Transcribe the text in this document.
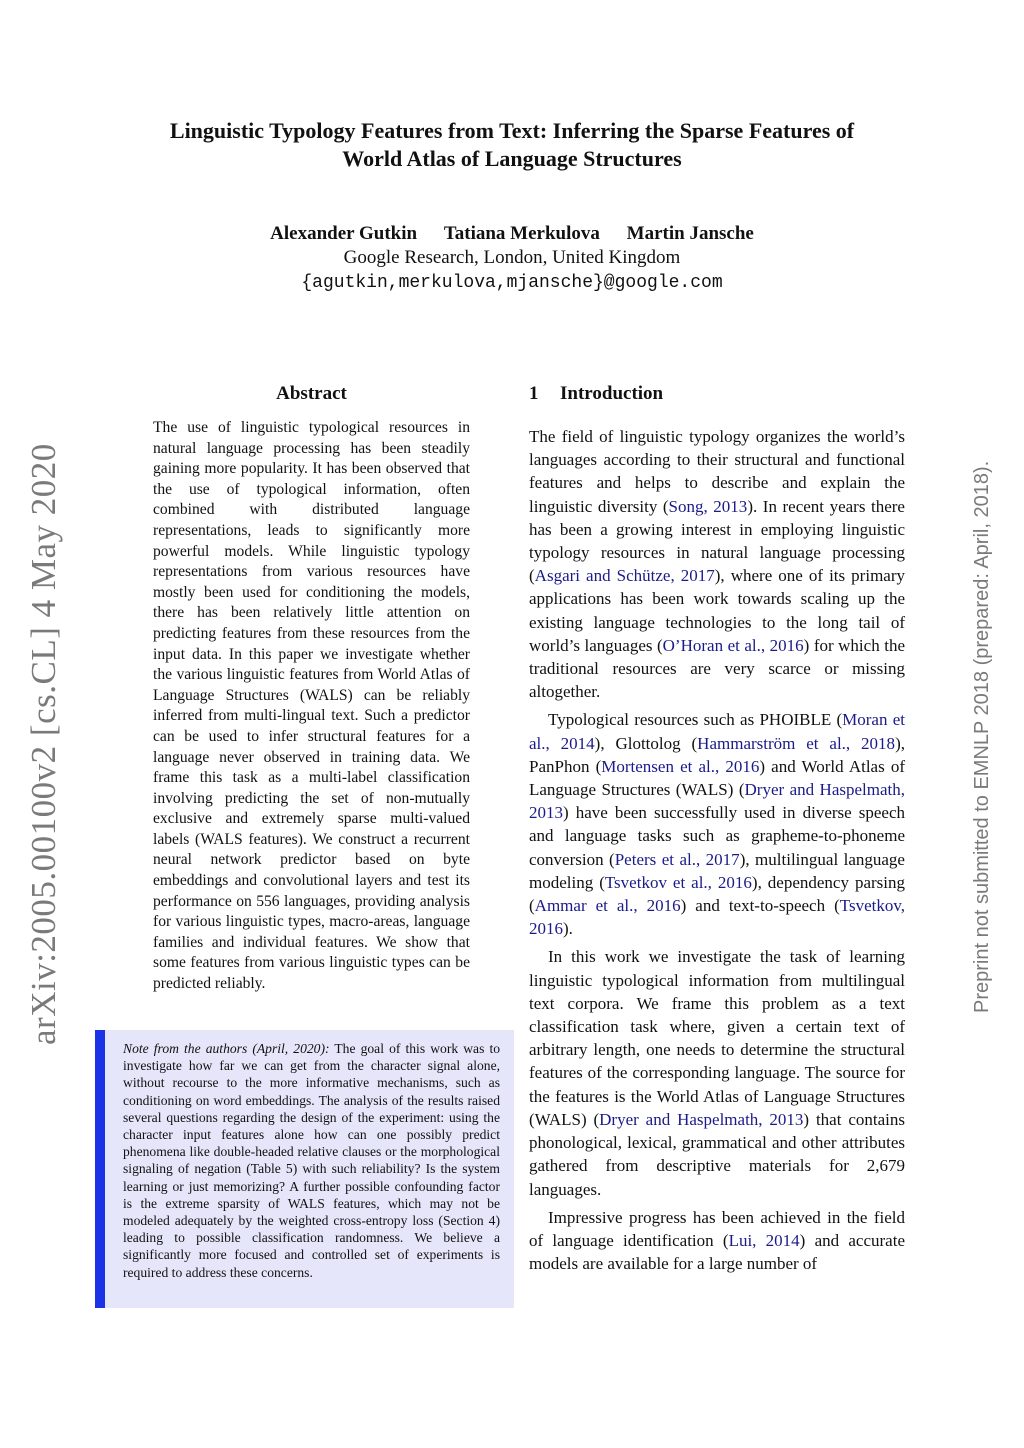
Linguistic Typology Features from Text: Inferring the Sparse Features of
World Atlas of Language Structures
Alexander Gutkin Tatiana Merkulova Martin Jansche
Google Research, London, United Kingdom
{agutkin,merkulova,mjansche}@google.com
arXiv:2005.00100v2 [cs.CL] 4 May 2020	Preprint not submitted to EMNLP 2018 (prepared: April, 2018).
Abstract

The use of linguistic typological resources in natural language processing has been steadily gaining more popularity. It has been observed that the use of typological information, often combined with distributed language representations, leads to significantly more powerful models. While linguistic typology representations from various resources have mostly been used for conditioning the models, there has been relatively little attention on predicting features from these resources from the input data. In this paper we investigate whether the various linguistic features from World Atlas of Language Structures (WALS) can be reliably inferred from multi-lingual text. Such a predictor can be used to infer structural features for a language never observed in training data. We frame this task as a multi-label classification involving predicting the set of non-mutually exclusive and extremely sparse multi-valued labels (WALS features). We construct a recurrent neural network predictor based on byte embeddings and convolutional layers and test its performance on 556 languages, providing analysis for various linguistic types, macro-areas, language families and individual features. We show that some features from various linguistic types can be predicted reliably.

Note from the authors (April, 2020): The goal of this work was to investigate how far we can get from the character signal alone, without recourse to the more informative mechanisms, such as conditioning on word embeddings. The analysis of the results raised several questions regarding the design of the experiment: using the character input features alone how can one possibly predict phenomena like double-headed relative clauses or the morphological signaling of negation (Table 5) with such reliability? Is the system learning or just memorizing? A further possible confounding factor is the extreme sparsity of WALS features, which may not be modeled adequately by the weighted cross-entropy loss (Section 4) leading to possible classification randomness. We believe a significantly more focused and controlled set of experiments is required to address these concerns.

1 Introduction

The field of linguistic typology organizes the world’s languages according to their structural and functional features and helps to describe and explain the linguistic diversity (Song, 2013). In recent years there has been a growing interest in employing linguistic typology resources in natural language processing (Asgari and Schütze, 2017), where one of its primary applications has been work towards scaling up the existing language technologies to the long tail of world’s languages (O’Horan et al., 2016) for which the traditional resources are very scarce or missing altogether.

Typological resources such as PHOIBLE (Moran et al., 2014), Glottolog (Hammarström et al., 2018), PanPhon (Mortensen et al., 2016) and World Atlas of Language Structures (WALS) (Dryer and Haspelmath, 2013) have been successfully used in diverse speech and language tasks such as grapheme-to-phoneme conversion (Peters et al., 2017), multilingual language modeling (Tsvetkov et al., 2016), dependency parsing (Ammar et al., 2016) and text-to-speech (Tsvetkov, 2016).

In this work we investigate the task of learning linguistic typological information from multilingual text corpora. We frame this problem as a text classification task where, given a certain text of arbitrary length, one needs to determine the structural features of the corresponding language. The source for the features is the World Atlas of Language Structures (WALS) (Dryer and Haspelmath, 2013) that contains phonological, lexical, grammatical and other attributes gathered from descriptive materials for 2,679 languages.

Impressive progress has been achieved in the field of language identification (Lui, 2014) and accurate models are available for a large number of
